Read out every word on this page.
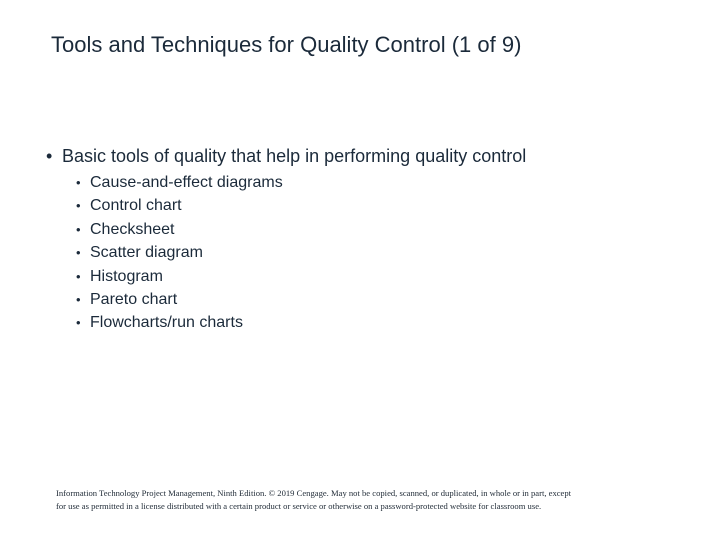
Tools and Techniques for Quality Control (1 of 9)
• Basic tools of quality that help in performing quality control
• Cause-and-effect diagrams
• Control chart
• Checksheet
• Scatter diagram
• Histogram
• Pareto chart
• Flowcharts/run charts
Information Technology Project Management, Ninth Edition. © 2019 Cengage. May not be copied, scanned, or duplicated, in whole or in part, except
for use as permitted in a license distributed with a certain product or service or otherwise on a password-protected website for classroom use.
